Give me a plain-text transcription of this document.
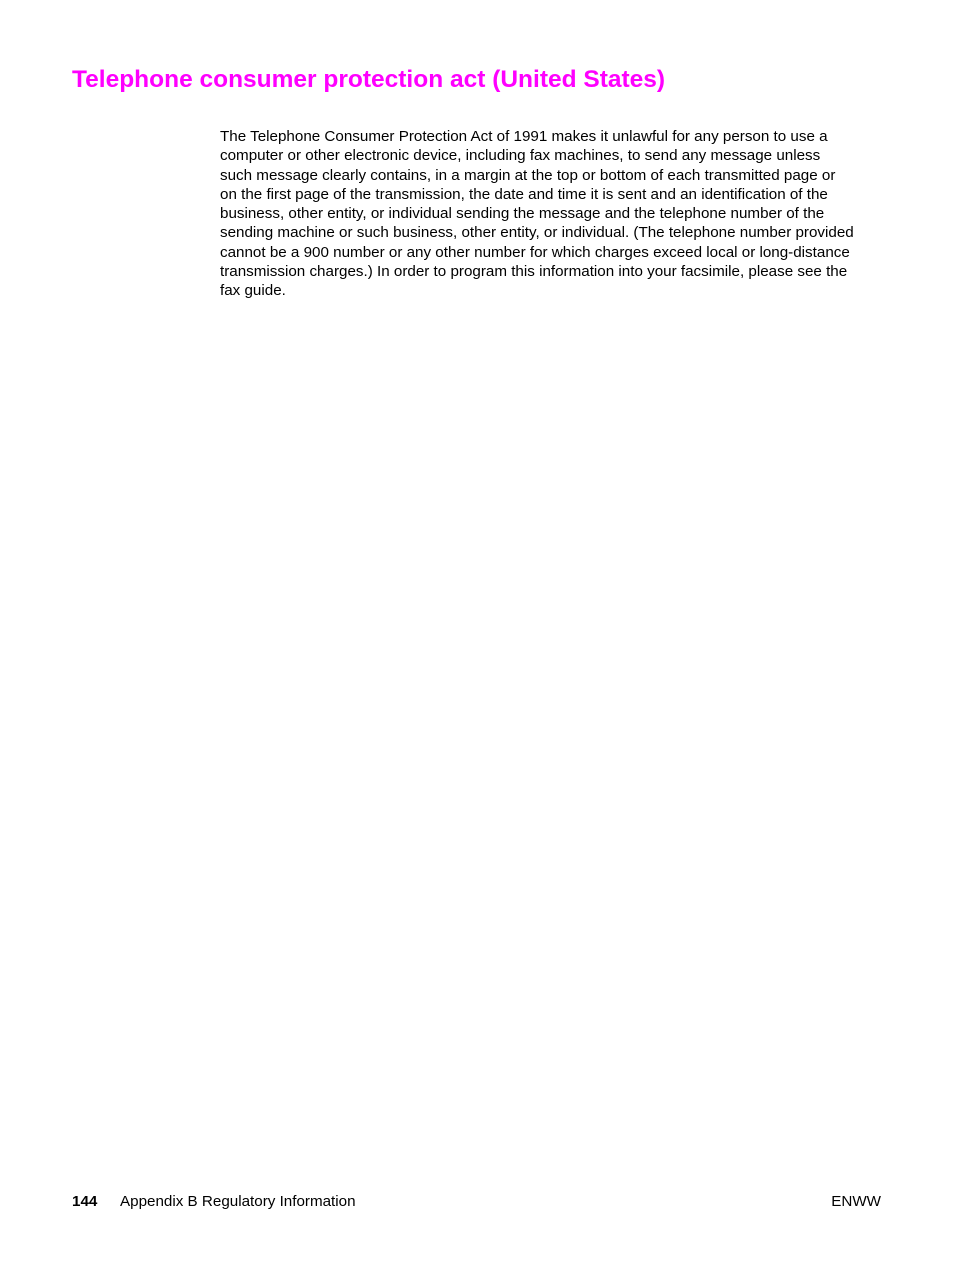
Telephone consumer protection act (United States)

The Telephone Consumer Protection Act of 1991 makes it unlawful for any person to use a
computer or other electronic device, including fax machines, to send any message unless
such message clearly contains, in a margin at the top or bottom of each transmitted page or
on the first page of the transmission, the date and time it is sent and an identification of the
business, other entity, or individual sending the message and the telephone number of the
sending machine or such business, other entity, or individual. (The telephone number provided
cannot be a 900 number or any other number for which charges exceed local or long-distance
transmission charges.) In order to program this information into your facsimile, please see the
fax guide.

144 Appendix B Regulatory Information	ENWW
